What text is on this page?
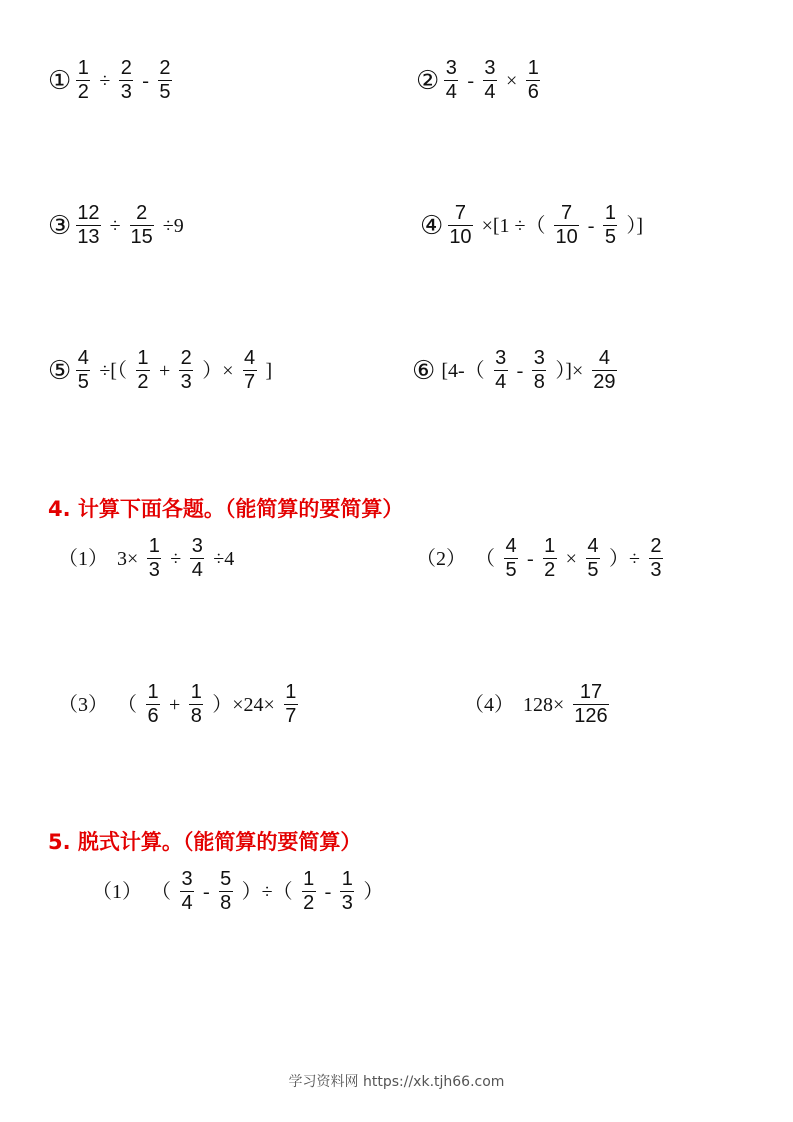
① $\frac{1}{2} \div \frac{2}{3} - \frac{2}{5}$	② $\frac{3}{4} - \frac{3}{4} \times \frac{1}{6}$
③ $\frac{12}{13} \div \frac{2}{15} \div 9$	④ $\frac{7}{10} \times[1$ ÷（ $\frac{7}{10} - \frac{1}{5}$ ）]
⑤ $\frac{4}{5}$ ÷[（ $\frac{1}{2} + \frac{2}{3}$ ）× $\frac{4}{7}$ ]	⑥ [$4-( \frac{3}{4} - \frac{3}{8}$ ）]× $\frac{4}{29}$
4. 计算下面各题。（能简算的要简算）
（1） $3\times \frac{1}{3} \div \frac{3}{4} \div 4$	（2） （ $\frac{4}{5} - \frac{1}{2} \times \frac{4}{5}$ ）÷ $\frac{2}{3}$
（3） （ $\frac{1}{6} + \frac{1}{8} )\times 24\times \frac{1}{7}$	（4） $128\times \frac{17}{126}$
5. 脱式计算。（能简算的要简算）
（1） （ $\frac{3}{4} - \frac{5}{8}$ ）÷（ $\frac{1}{2} - \frac{1}{3}$ ）
学习资料网 https://xk.tjh66.com
